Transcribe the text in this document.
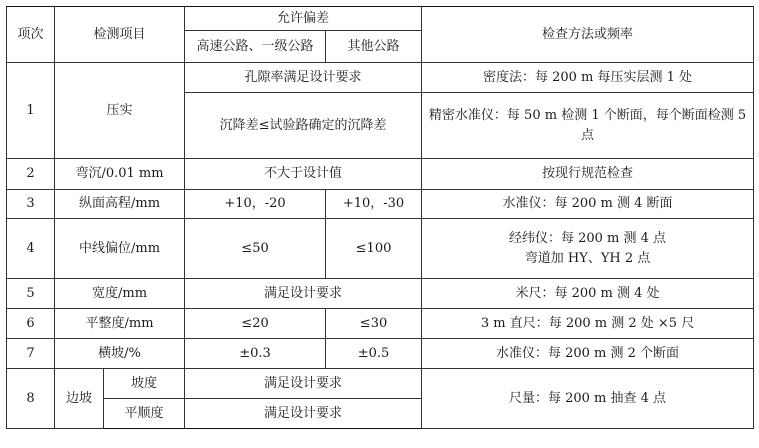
项次	检测项目		允许偏差		检查方法或频率
			高速公路、一级公路	其他公路	
1	压实		孔隙率满足设计要求		密度法：每 200 m 每压实层测 1 处
			沉降差≤试验路确定的沉降差		精密水准仪：每 50 m 检测 1 个断面，每个断面检测 5 点
2	弯沉/0.01 mm		不大于设计值		按现行规范检查
3	纵面高程/mm		+10，-20	+10，-30	水准仪：每 200 m 测 4 断面
4	中线偏位/mm		≤50	≤100	经纬仪：每 200 m 测 4 点
弯道加 HY、YH 2 点

5	宽度/mm		满足设计要求		米尺：每 200 m 测 4 处
6	平整度/mm		≤20	≤30	3 m 直尺：每 200 m 测 2 处 ×5 尺
7	横坡/%		±0.3	±0.5	水准仪：每 200 m 测 2 个断面
8	边坡	坡度	满足设计要求		尺量：每 200 m 抽查 4 点
		平顺度	满足设计要求		
